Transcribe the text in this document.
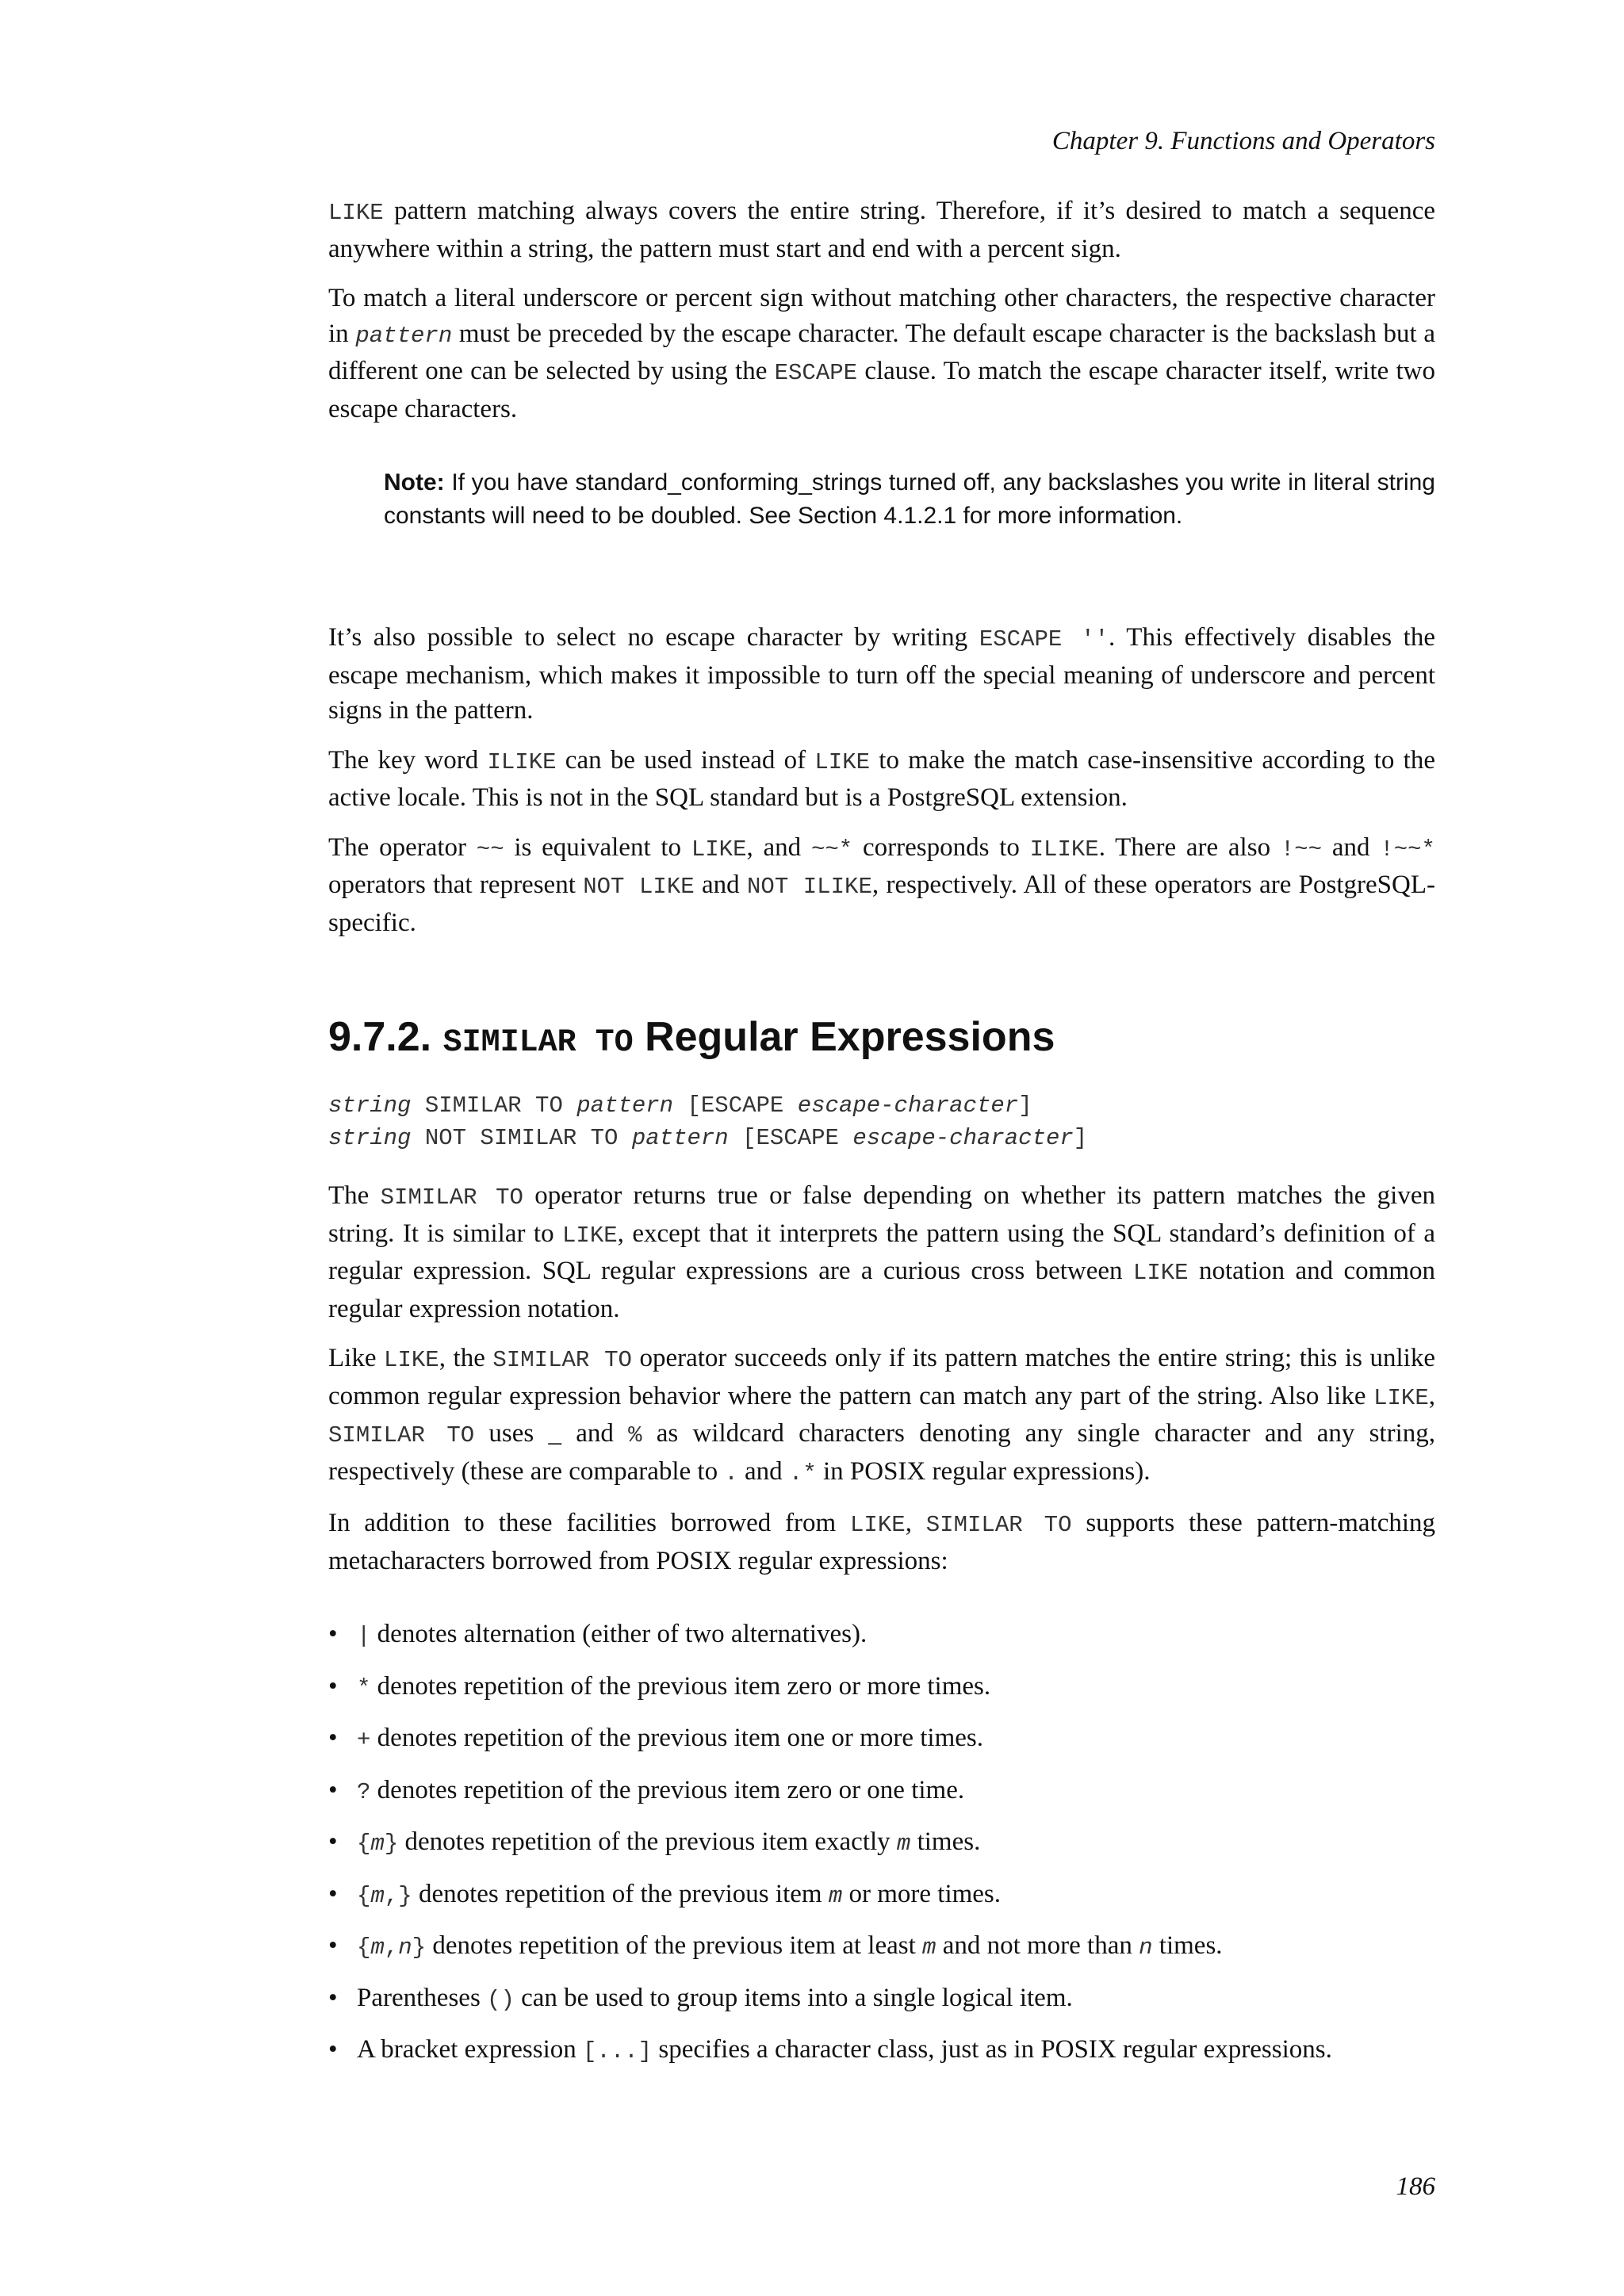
Chapter 9. Functions and Operators

LIKE pattern matching always covers the entire string. Therefore, if it’s desired to match a sequence anywhere within a string, the pattern must start and end with a percent sign.

To match a literal underscore or percent sign without matching other characters, the respective character in pattern must be preceded by the escape character. The default escape character is the backslash but a different one can be selected by using the ESCAPE clause. To match the escape character itself, write two escape characters.

Note: If you have standard_conforming_strings turned off, any backslashes you write in literal string constants will need to be doubled. See Section 4.1.2.1 for more information.

It’s also possible to select no escape character by writing ESCAPE ''. This effectively disables the escape mechanism, which makes it impossible to turn off the special meaning of underscore and percent signs in the pattern.

The key word ILIKE can be used instead of LIKE to make the match case-insensitive according to the active locale. This is not in the SQL standard but is a PostgreSQL extension.

The operator ~~ is equivalent to LIKE, and ~~* corresponds to ILIKE. There are also !~~ and !~~* operators that represent NOT LIKE and NOT ILIKE, respectively. All of these operators are PostgreSQL-specific.

9.7.2. SIMILAR TO Regular Expressions
string SIMILAR TO pattern [ESCAPE escape-character]
string NOT SIMILAR TO pattern [ESCAPE escape-character]

The SIMILAR TO operator returns true or false depending on whether its pattern matches the given string. It is similar to LIKE, except that it interprets the pattern using the SQL standard’s definition of a regular expression. SQL regular expressions are a curious cross between LIKE notation and common regular expression notation.

Like LIKE, the SIMILAR TO operator succeeds only if its pattern matches the entire string; this is unlike common regular expression behavior where the pattern can match any part of the string. Also like LIKE, SIMILAR TO uses _ and % as wildcard characters denoting any single character and any string, respectively (these are comparable to . and .* in POSIX regular expressions).

In addition to these facilities borrowed from LIKE, SIMILAR TO supports these pattern-matching metacharacters borrowed from POSIX regular expressions:

• | denotes alternation (either of two alternatives).
• * denotes repetition of the previous item zero or more times.
• + denotes repetition of the previous item one or more times.
• ? denotes repetition of the previous item zero or one time.
• {m} denotes repetition of the previous item exactly m times.
• {m,} denotes repetition of the previous item m or more times.
• {m,n} denotes repetition of the previous item at least m and not more than n times.
• Parentheses () can be used to group items into a single logical item.
• A bracket expression [...] specifies a character class, just as in POSIX regular expressions.
186
